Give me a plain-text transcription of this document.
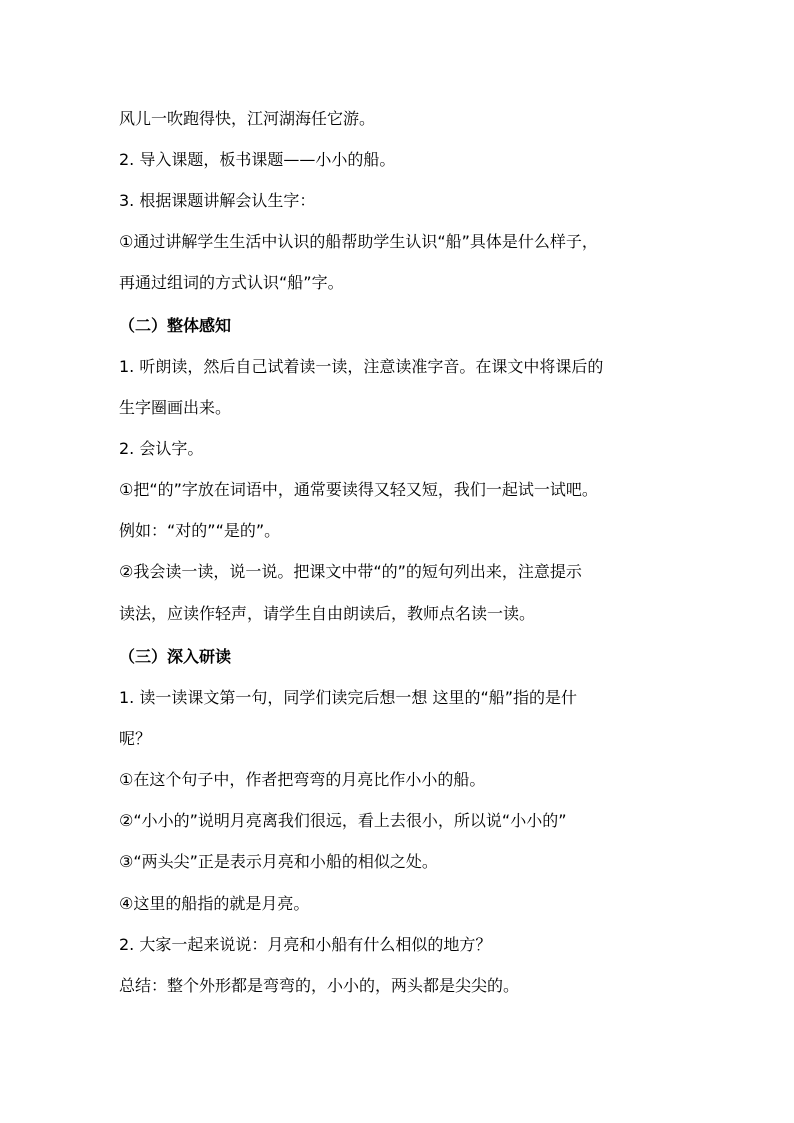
风儿一吹跑得快，江河湖海任它游。
2. 导入课题，板书课题——小小的船。
3. 根据课题讲解会认生字：
①通过讲解学生生活中认识的船帮助学生认识“船”具体是什么样子，
再通过组词的方式认识“船”字。
（二）整体感知
1. 听朗读，然后自己试着读一读，注意读准字音。在课文中将课后的
生字圈画出来。
2. 会认字。
①把“的”字放在词语中，通常要读得又轻又短，我们一起试一试吧。
例如：“对的”“是的”。
②我会读一读，说一说。把课文中带“的”的短句列出来，注意提示
读法，应读作轻声，请学生自由朗读后，教师点名读一读。
（三）深入研读
1. 读一读课文第一句，同学们读完后想一想 这里的“船”指的是什
呢？
①在这个句子中，作者把弯弯的月亮比作小小的船。
②“小小的”说明月亮离我们很远，看上去很小，所以说“小小的”
③“两头尖”正是表示月亮和小船的相似之处。
④这里的船指的就是月亮。
2. 大家一起来说说：月亮和小船有什么相似的地方？
总结：整个外形都是弯弯的，小小的，两头都是尖尖的。
